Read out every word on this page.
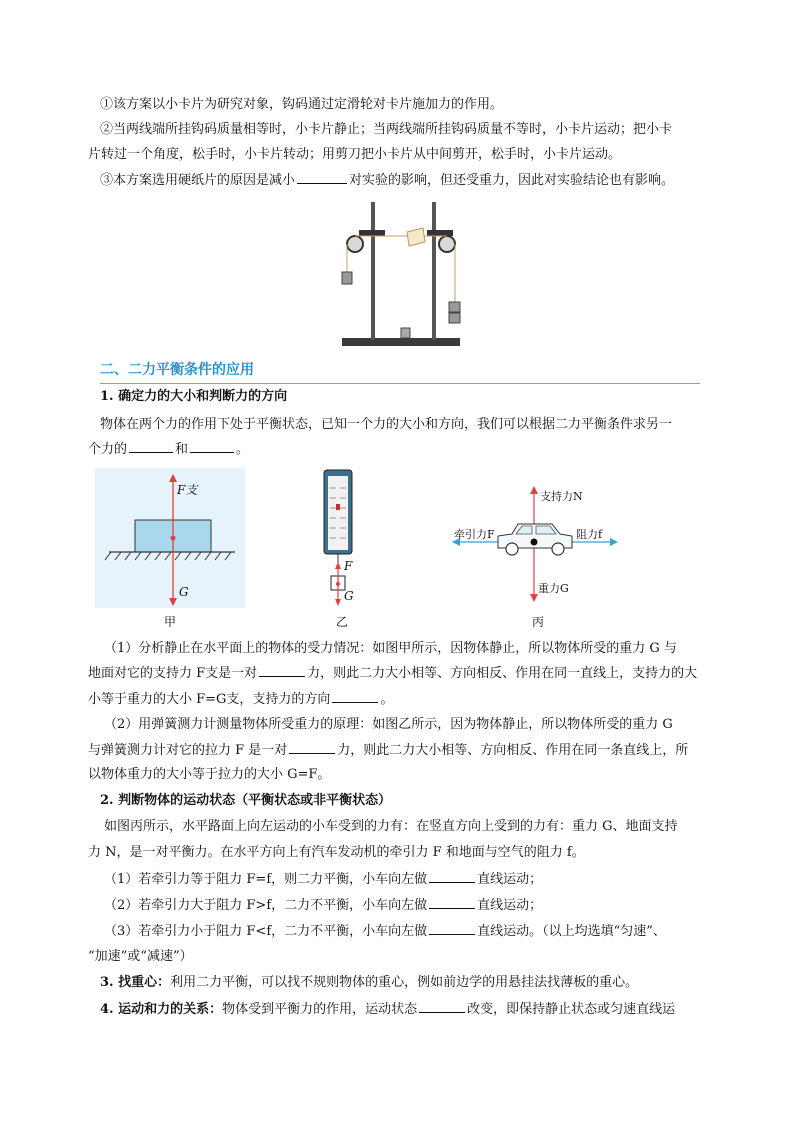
①该方案以小卡片为研究对象，钩码通过定滑轮对卡片施加力的作用。
②当两线端所挂钩码质量相等时，小卡片静止；当两线端所挂钩码质量不等时，小卡片运动；把小卡
片转过一个角度，松手时，小卡片转动；用剪刀把小卡片从中间剪开，松手时，小卡片运动。
③本方案选用硬纸片的原因是减小	对实验的影响，但还受重力，因此对实验结论也有影响。
二、二力平衡条件的应用
1. 确定力的大小和判断力的方向
物体在两个力的作用下处于平衡状态，已知一个力的大小和方向，我们可以根据二力平衡条件求另一
个力的	和	。
F支
G
甲
F
G
乙
支持力N
牵引力F	阻力f
重力G
丙
（1）分析静止在水平面上的物体的受力情况：如图甲所示，因物体静止，所以物体所受的重力 G 与
地面对它的支持力 F支是一对	力，则此二力大小相等、方向相反、作用在同一直线上，支持力的大
小等于重力的大小 F=G支，支持力的方向	。
（2）用弹簧测力计测量物体所受重力的原理：如图乙所示，因为物体静止，所以物体所受的重力 G
与弹簧测力计对它的拉力 F 是一对	力，则此二力大小相等、方向相反、作用在同一条直线上，所
以物体重力的大小等于拉力的大小 G=F。
2. 判断物体的运动状态（平衡状态或非平衡状态）
如图丙所示，水平路面上向左运动的小车受到的力有：在竖直方向上受到的力有：重力 G、地面支持
力 N，是一对平衡力。在水平方向上有汽车发动机的牵引力 F 和地面与空气的阻力 f。
（1）若牵引力等于阻力 F=f，则二力平衡，小车向左做	直线运动；
（2）若牵引力大于阻力 F>f，二力不平衡，小车向左做	直线运动；
（3）若牵引力小于阻力 F<f，二力不平衡，小车向左做	直线运动。（以上均选填“匀速”、
“加速”或“减速”）
3. 找重心：利用二力平衡，可以找不规则物体的重心，例如前边学的用悬挂法找薄板的重心。
4. 运动和力的关系：物体受到平衡力的作用，运动状态	改变，即保持静止状态或匀速直线运
